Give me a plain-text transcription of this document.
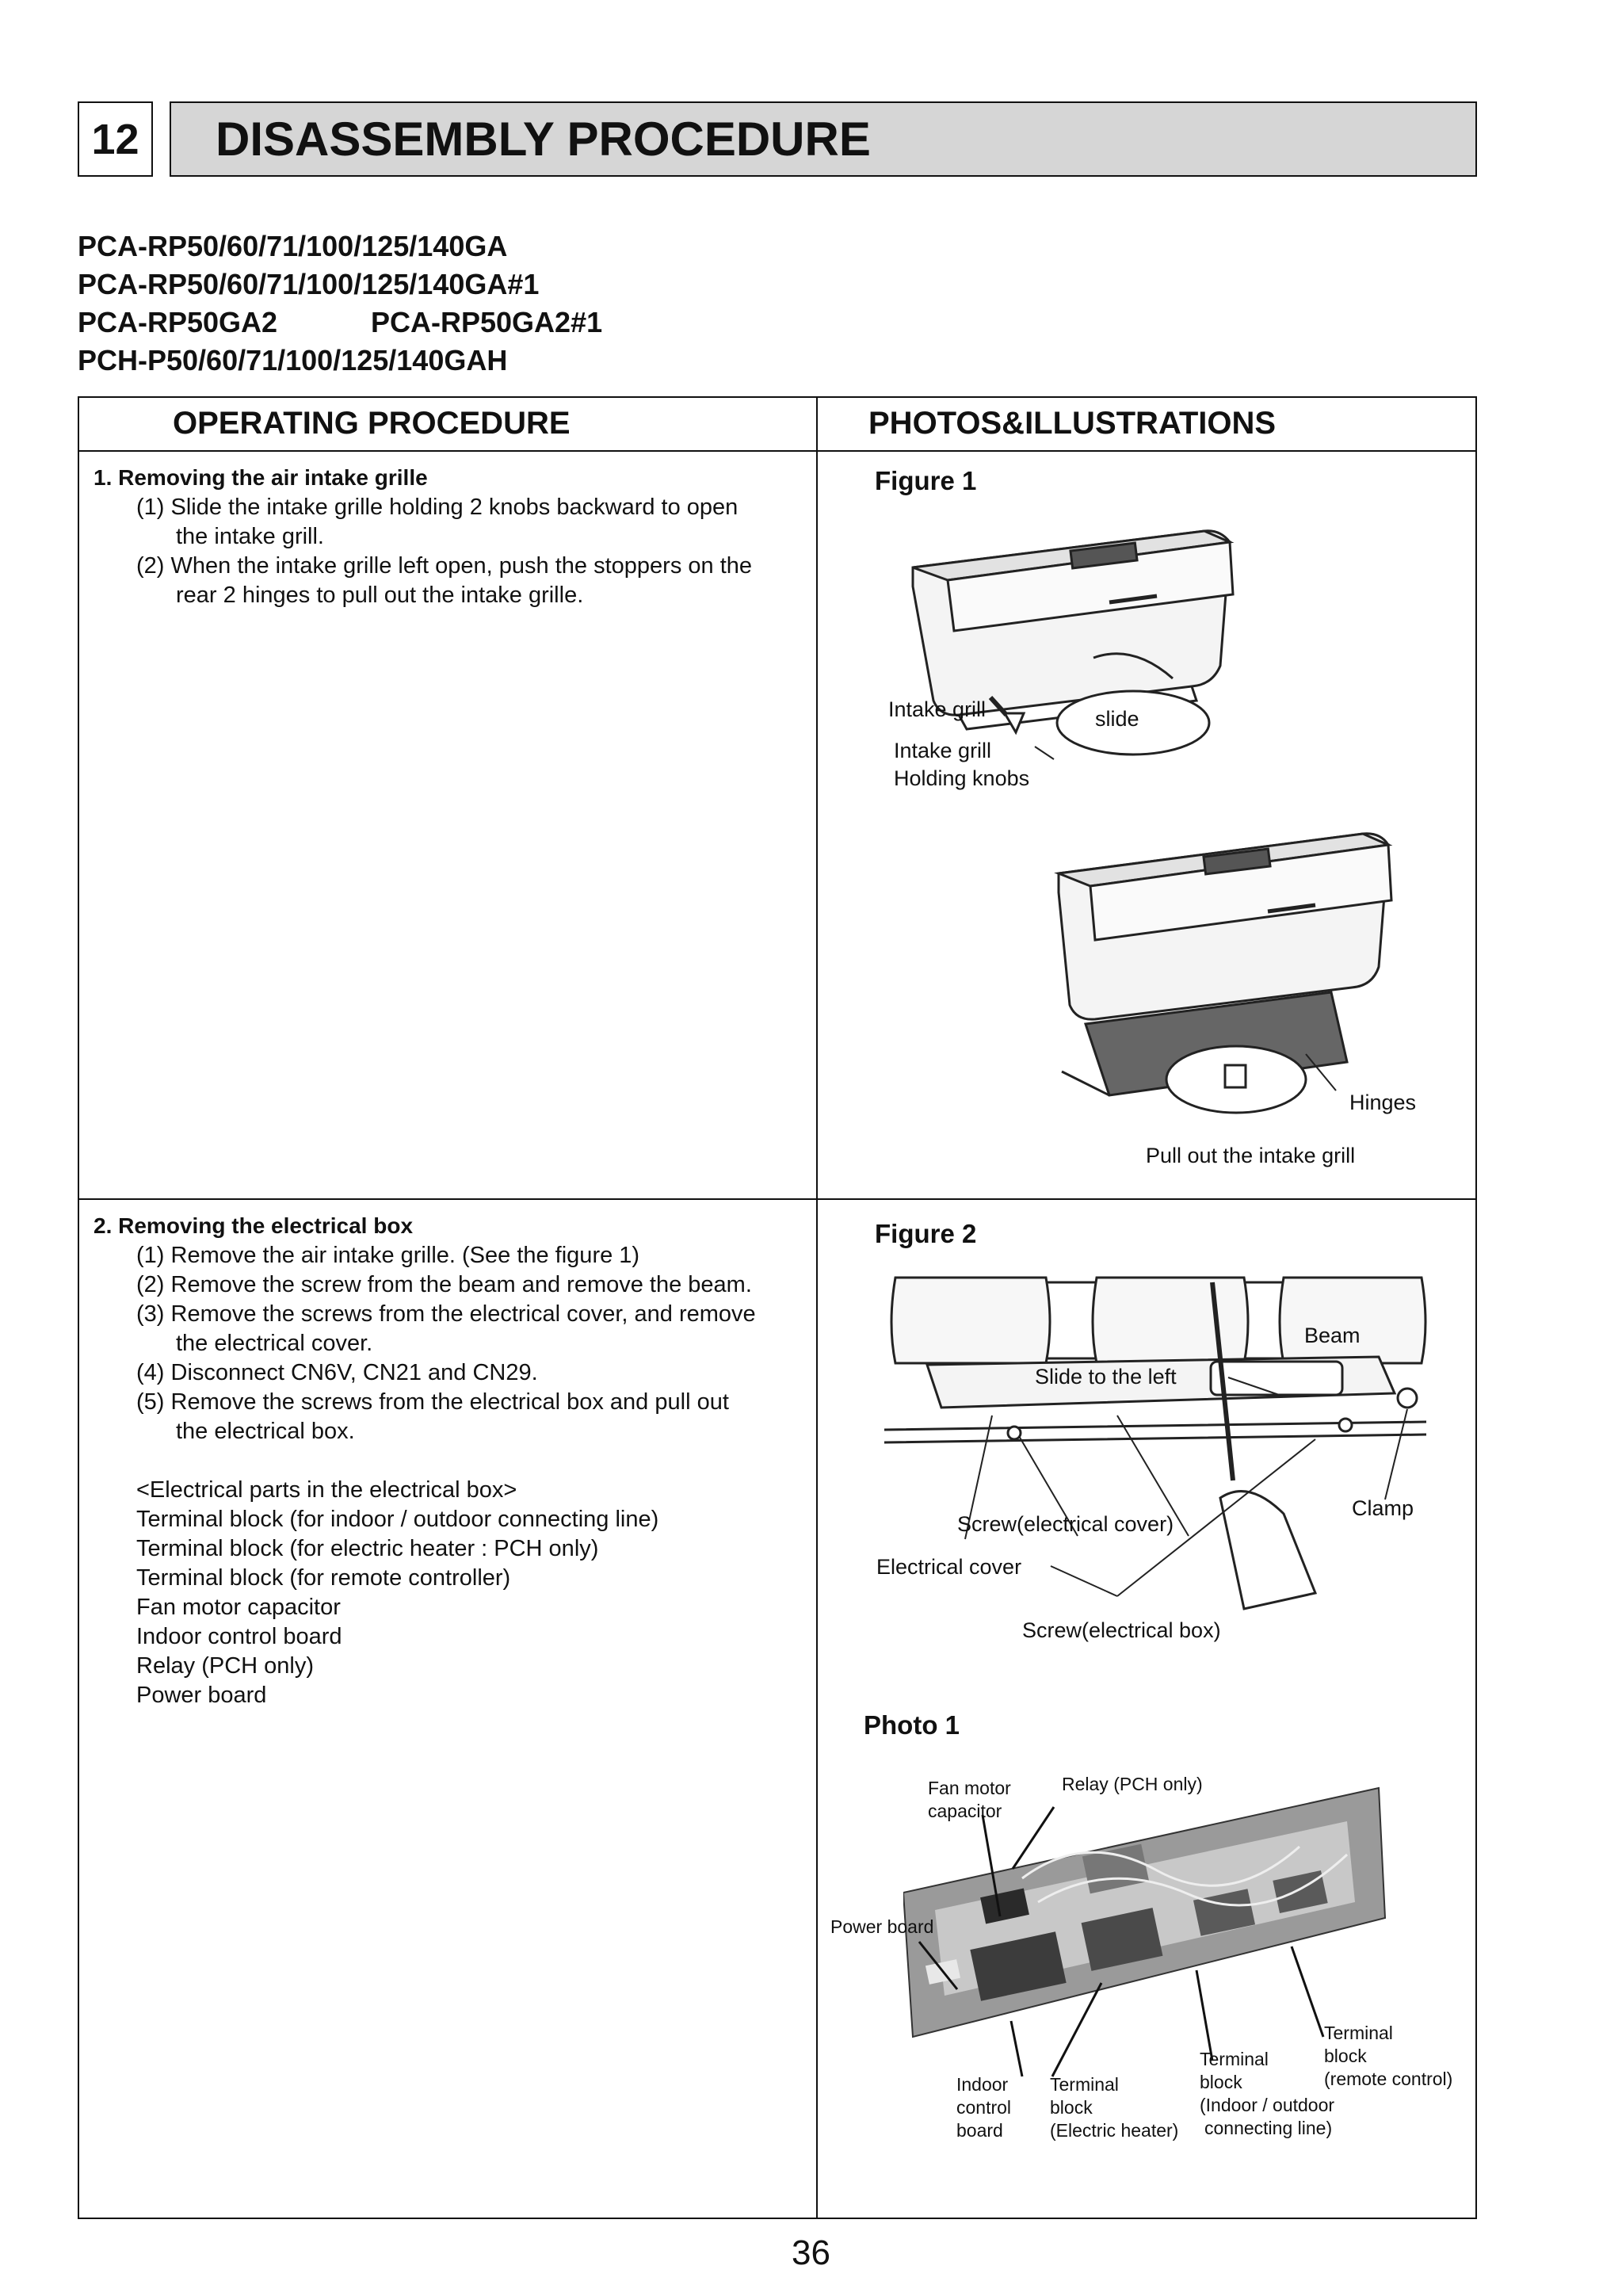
12 DISASSEMBLY PROCEDURE
PCA-RP50/60/71/100/125/140GA
PCA-RP50/60/71/100/125/140GA#1
PCA-RP50GA2	PCA-RP50GA2#1
PCH-P50/60/71/100/125/140GAH
OPERATING PROCEDURE	PHOTOS&ILLUSTRATIONS
1. Removing the air intake grille
(1) Slide the intake grille holding 2 knobs backward to open
the intake grill.
(2) When the intake grille left open, push the stoppers on the
rear 2 hinges to pull out the intake grille.
Figure 1
Intake grill	slide
Intake grill
Holding knobs
Hinges
Pull out the intake grill
2. Removing the electrical box
(1) Remove the air intake grille. (See the figure 1)
(2) Remove the screw from the beam and remove the beam.
(3) Remove the screws from the electrical cover, and remove
the electrical cover.
(4) Disconnect CN6V, CN21 and CN29.
(5) Remove the screws from the electrical box and pull out
the electrical box.
<Electrical parts in the electrical box>
Terminal block (for indoor / outdoor connecting line)
Terminal block (for electric heater : PCH only)
Terminal block (for remote controller)
Fan motor capacitor
Indoor control board
Relay (PCH only)
Power board
Figure 2
Beam
Slide to the left
Clamp
Screw(electrical cover)
Electrical cover
Screw(electrical box)
Photo 1
Fan motor
capacitor
Relay (PCH only)
Power board
Indoor
control
board
Terminal
block
(Electric heater)
Terminal
block
(Indoor / outdoor
connecting line)
Terminal
block
(remote control)
36
